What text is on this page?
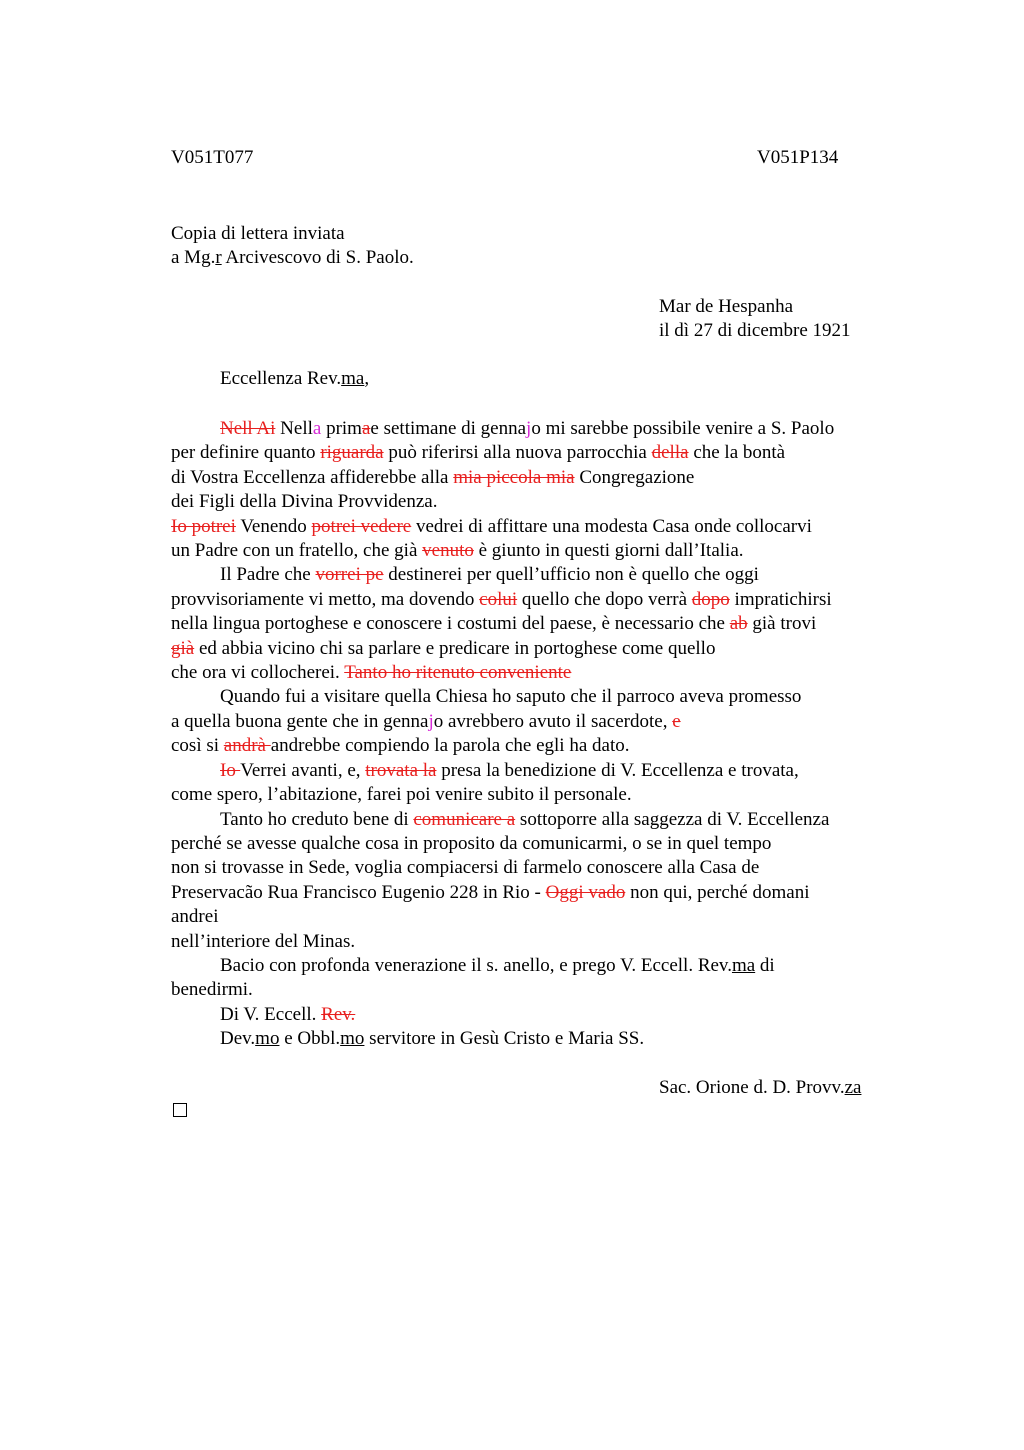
V051T077	V051P134
Copia di lettera inviata
a Mg.r Arcivescovo di S. Paolo.
Mar de Hespanha
il dì 27 di dicembre 1921
Eccellenza Rev.ma,
Nell Ai Nella primae settimane di gennajo mi sarebbe possibile venire a S. Paolo
per definire quanto riguarda può riferirsi alla nuova parrocchia della che la bontà
di Vostra Eccellenza affiderebbe alla mia piccola mia Congregazione
dei Figli della Divina Provvidenza.
Io potrei Venendo potrei vedere vedrei di affittare una modesta Casa onde collocarvi
un Padre con un fratello, che già venuto è giunto in questi giorni dall’Italia.
Il Padre che vorrei pe destinerei per quell’ufficio non è quello che oggi
provvisoriamente vi metto, ma dovendo colui quello che dopo verrà dopo impratichirsi
nella lingua portoghese e conoscere i costumi del paese, è necessario che ab già trovi
già ed abbia vicino chi sa parlare e predicare in portoghese come quello
che ora vi collocherei. Tanto ho ritenuto conveniente
Quando fui a visitare quella Chiesa ho saputo che il parroco aveva promesso
a quella buona gente che in gennajo avrebbero avuto il sacerdote, e
così si andrà andrebbe compiendo la parola che egli ha dato.
Io Verrei avanti, e, trovata la presa la benedizione di V. Eccellenza e trovata,
come spero, l’abitazione, farei poi venire subito il personale.
Tanto ho creduto bene di comunicare a sottoporre alla saggezza di V. Eccellenza
perché se avesse qualche cosa in proposito da comunicarmi, o se in quel tempo
non si trovasse in Sede, voglia compiacersi di farmelo conoscere alla Casa de
Preservacão Rua Francisco Eugenio 228 in Rio - Oggi vado non qui, perché domani
andrei
nell’interiore del Minas.
Bacio con profonda venerazione il s. anello, e prego V. Eccell. Rev.ma di
benedirmi.
Di V. Eccell. Rev.
Dev.mo e Obbl.mo servitore in Gesù Cristo e Maria SS.
Sac. Orione d. D. Provv.za
